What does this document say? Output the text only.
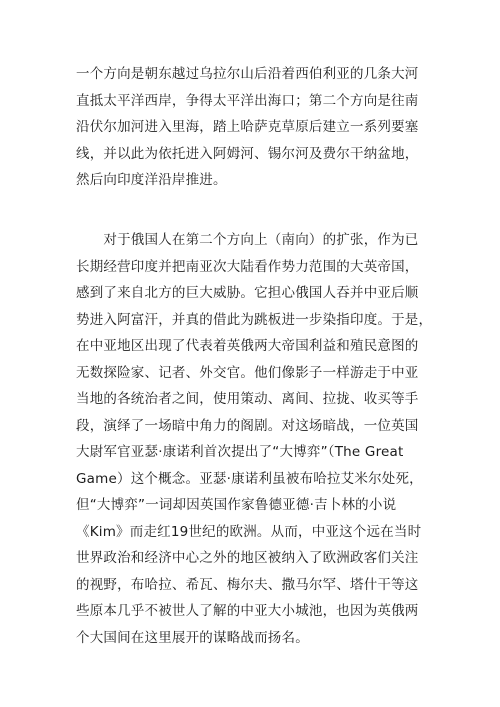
一个方向是朝东越过乌拉尔山后沿着西伯利亚的几条大河
直抵太平洋西岸，争得太平洋出海口；第二个方向是往南
沿伏尔加河进入里海，踏上哈萨克草原后建立一系列要塞
线，并以此为依托进入阿姆河、锡尔河及费尔干纳盆地，
然后向印度洋沿岸推进。
　　对于俄国人在第二个方向上（南向）的扩张，作为已
长期经营印度并把南亚次大陆看作势力范围的大英帝国，
感到了来自北方的巨大威胁。它担心俄国人吞并中亚后顺
势进入阿富汗，并真的借此为跳板进一步染指印度。于是，
在中亚地区出现了代表着英俄两大帝国利益和殖民意图的
无数探险家、记者、外交官。他们像影子一样游走于中亚
当地的各统治者之间，使用策动、离间、拉拢、收买等手
段，演绎了一场暗中角力的阁剧。对这场暗战，一位英国
大尉军官亚瑟·康诺利首次提出了“大博弈”（The Great
Game）这个概念。亚瑟·康诺利虽被布哈拉艾米尔处死，
但“大博弈”一词却因英国作家鲁德亚德·吉卜林的小说
《Kim》而走红19世纪的欧洲。从而，中亚这个远在当时
世界政治和经济中心之外的地区被纳入了欧洲政客们关注
的视野，布哈拉、希瓦、梅尔夫、撒马尔罕、塔什干等这
些原本几乎不被世人了解的中亚大小城池，也因为英俄两
个大国间在这里展开的谋略战而扬名。
